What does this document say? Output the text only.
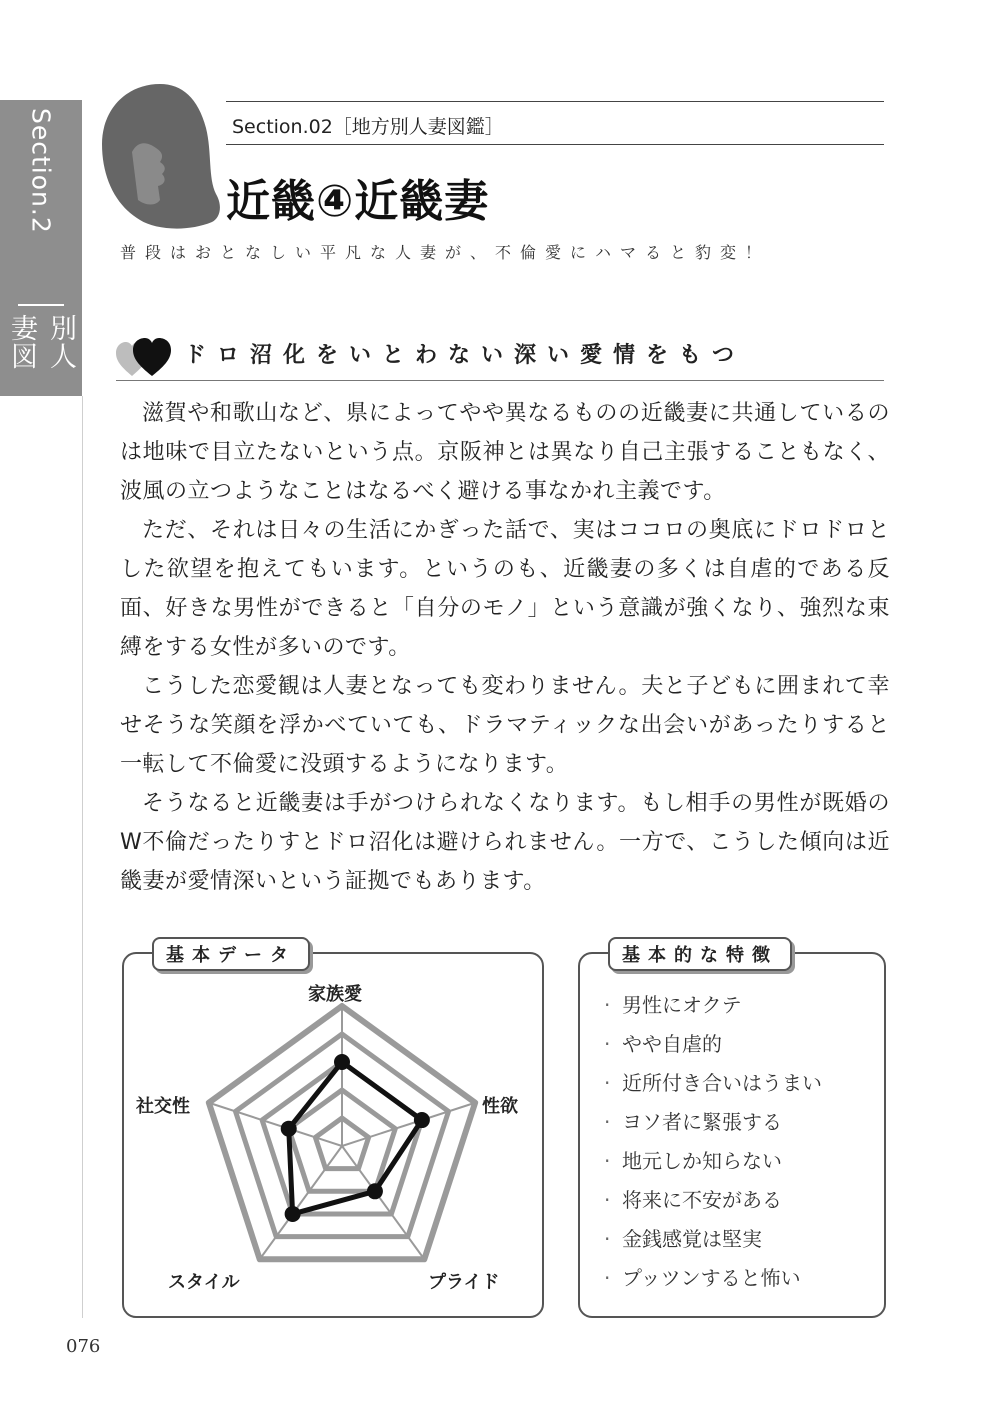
Section.2
地方別人妻図
Section.02［地方別人妻図鑑］
近畿④近畿妻
普段はおとなしい平凡な人妻が、不倫愛にハマると豹変！
ドロ沼化をいとわない深い愛情をもつ

滋賀や和歌山など、県によってやや異なるものの近畿妻に共通しているのは地味で目立たないという点。京阪神とは異なり自己主張することもなく、波風の立つようなことはなるべく避ける事なかれ主義です。

ただ、それは日々の生活にかぎった話で、実はココロの奥底にドロドロとした欲望を抱えてもいます。というのも、近畿妻の多くは自虐的である反面、好きな男性ができると「自分のモノ」という意識が強くなり、強烈な束縛をする女性が多いのです。

こうした恋愛観は人妻となっても変わりません。夫と子どもに囲まれて幸せそうな笑顔を浮かべていても、ドラマティックな出会いがあったりすると一転して不倫愛に没頭するようになります。

そうなると近畿妻は手がつけられなくなります。もし相手の男性が既婚のW不倫だったりすとドロ沼化は避けられません。一方で、こうした傾向は近畿妻が愛情深いという証拠でもあります。

基本データ
家族愛
性欲
プライド
スタイル
社交性
基本的な特徴
· 男性にオクテ
· やや自虐的
· 近所付き合いはうまい
· ヨソ者に緊張する
· 地元しか知らない
· 将来に不安がある
· 金銭感覚は堅実
· プッツンすると怖い
076
